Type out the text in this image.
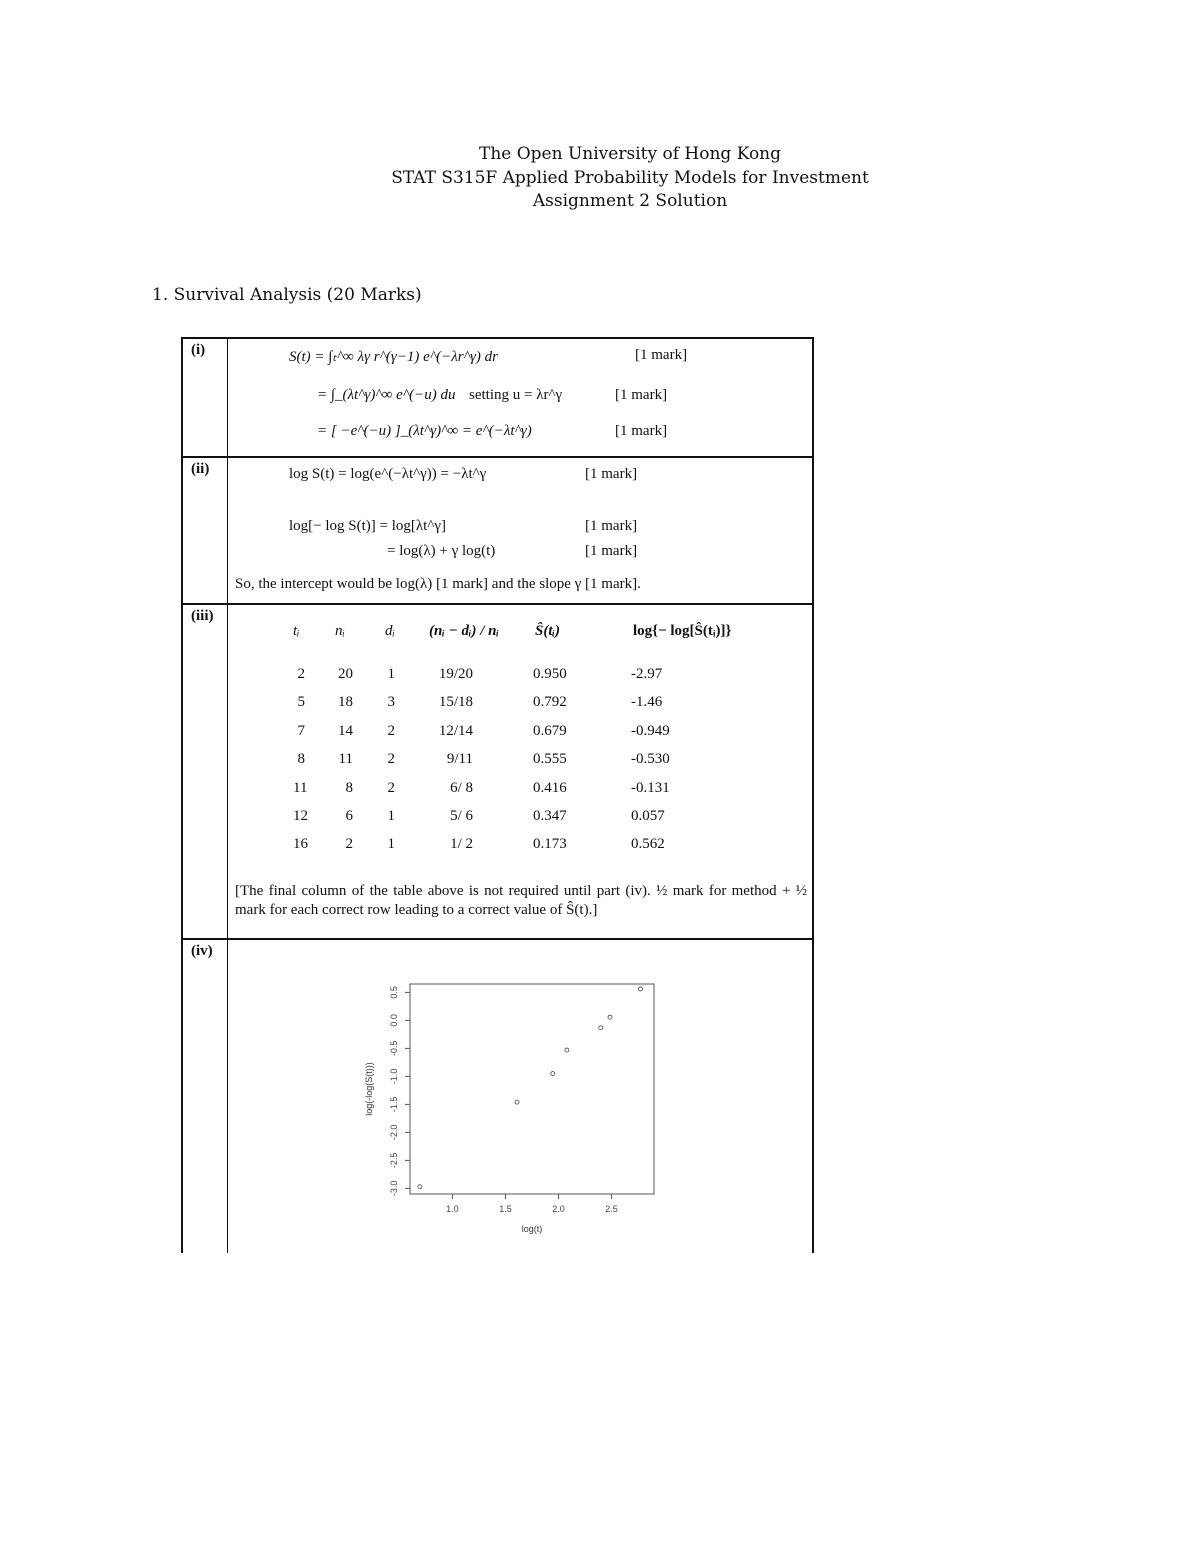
The Open University of Hong Kong
STAT S315F Applied Probability Models for Investment
Assignment 2 Solution
1. Survival Analysis (20 Marks)
(i)	S(t) = ∫ₜ^∞ λγ r^(γ−1) e^(−λr^γ) dr	[1 mark]
= ∫_(λt^γ)^∞ e^(−u) du setting u = λr^γ	[1 mark]
= [ −e^(−u) ]_(λt^γ)^∞ = e^(−λt^γ)	[1 mark]
(ii)	log S(t) = log(e^(−λt^γ)) = −λt^γ	[1 mark]
log[− log S(t)] = log[λt^γ]	[1 mark]
= log(λ) + γ log(t)	[1 mark]
So, the intercept would be log(λ) [1 mark] and the slope γ [1 mark].
(iii)
tᵢ nᵢ	dᵢ (nᵢ − dᵢ) / nᵢ Ŝ(tᵢ)	log{− log[Ŝ(tᵢ)]}
2	20	1	19/20	0.950	-2.97
5	18	3	15/18	0.792	-1.46
7	14	2	12/14	0.679	-0.949
8	11	2	9/11	0.555	-0.530
11	8	2	6/ 8	0.416	-0.131
12	6	1	5/ 6	0.347	0.057
16	2	1	1/ 2	0.173	0.562
[The final column of the table above is not required until part (iv). ½ mark for method + ½ mark for each correct row leading to a correct value of Ŝ(t).]
(iv)
1.0	1.5	2.0	2.5
-3.0
-2.5
-2.0
-1.5
-1.0
-0.5
0.0
0.5
log(t)
log(-log(S(t)))
